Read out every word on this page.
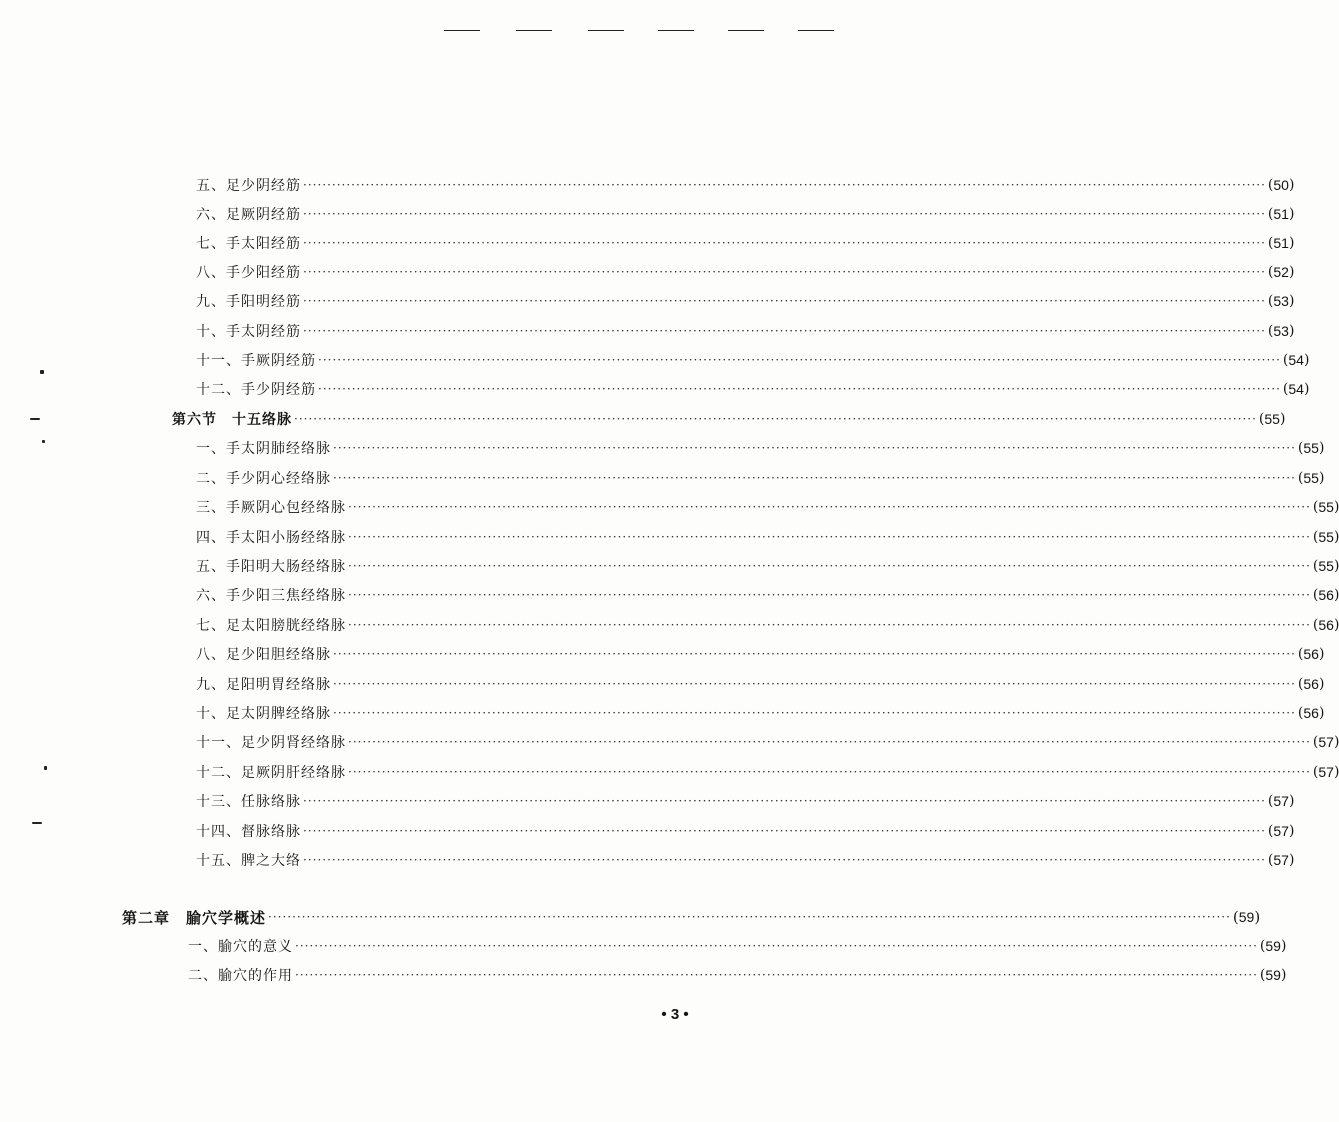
五、足少阴经筋 ········································································································································································································ ( 50 )
六、足厥阴经筋 ········································································································································································································ ( 51 )
七、手太阳经筋 ········································································································································································································ ( 51 )
八、手少阳经筋 ········································································································································································································ ( 52 )
九、手阳明经筋 ········································································································································································································ ( 53 )
十、手太阴经筋 ········································································································································································································ ( 53 )
十一、手厥阴经筋 ········································································································································································································ ( 54 )
十二、手少阴经筋 ········································································································································································································ ( 54 )
第六节　十五络脉 ········································································································································································································ ( 55 )
一、手太阴肺经络脉 ········································································································································································································ ( 55 )
二、手少阴心经络脉 ········································································································································································································ ( 55 )
三、手厥阴心包经络脉 ········································································································································································································ ( 55 )
四、手太阳小肠经络脉 ········································································································································································································ ( 55 )
五、手阳明大肠经络脉 ········································································································································································································ ( 55 )
六、手少阳三焦经络脉 ········································································································································································································ ( 56 )
七、足太阳膀胱经络脉 ········································································································································································································ ( 56 )
八、足少阳胆经络脉 ········································································································································································································ ( 56 )
九、足阳明胃经络脉 ········································································································································································································ ( 56 )
十、足太阴脾经络脉 ········································································································································································································ ( 56 )
十一、足少阴肾经络脉 ········································································································································································································ ( 57 )
十二、足厥阴肝经络脉 ········································································································································································································ ( 57 )
十三、任脉络脉 ········································································································································································································ ( 57 )
十四、督脉络脉 ········································································································································································································ ( 57 )
十五、脾之大络 ········································································································································································································ ( 57 )
第二章　腧穴学概述 ········································································································································································································ ( 59 )
一、腧穴的意义 ········································································································································································································ ( 59 )
二、腧穴的作用 ········································································································································································································ ( 59 )
• 3 •
